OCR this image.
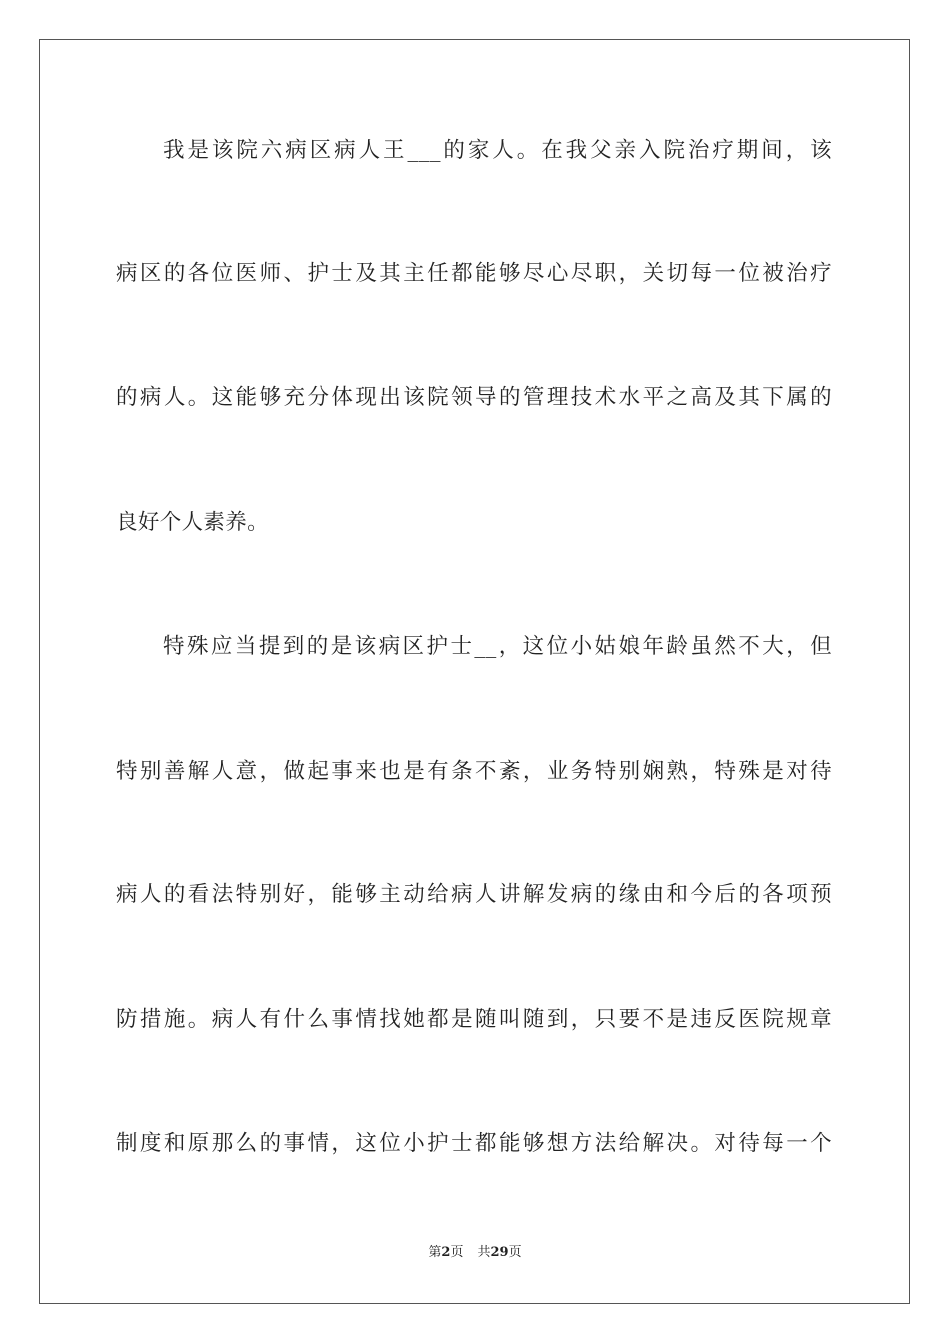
我是该院六病区病人王___的家人。在我父亲入院治疗期间，该
病区的各位医师、护士及其主任都能够尽心尽职，关切每一位被治疗
的病人。这能够充分体现出该院领导的管理技术水平之高及其下属的
良好个人素养。
特殊应当提到的是该病区护士__，这位小姑娘年龄虽然不大，但
特别善解人意，做起事来也是有条不紊，业务特别娴熟，特殊是对待
病人的看法特别好，能够主动给病人讲解发病的缘由和今后的各项预
防措施。病人有什么事情找她都是随叫随到，只要不是违反医院规章
制度和原那么的事情，这位小护士都能够想方法给解决。对待每一个
第2页 共29页
